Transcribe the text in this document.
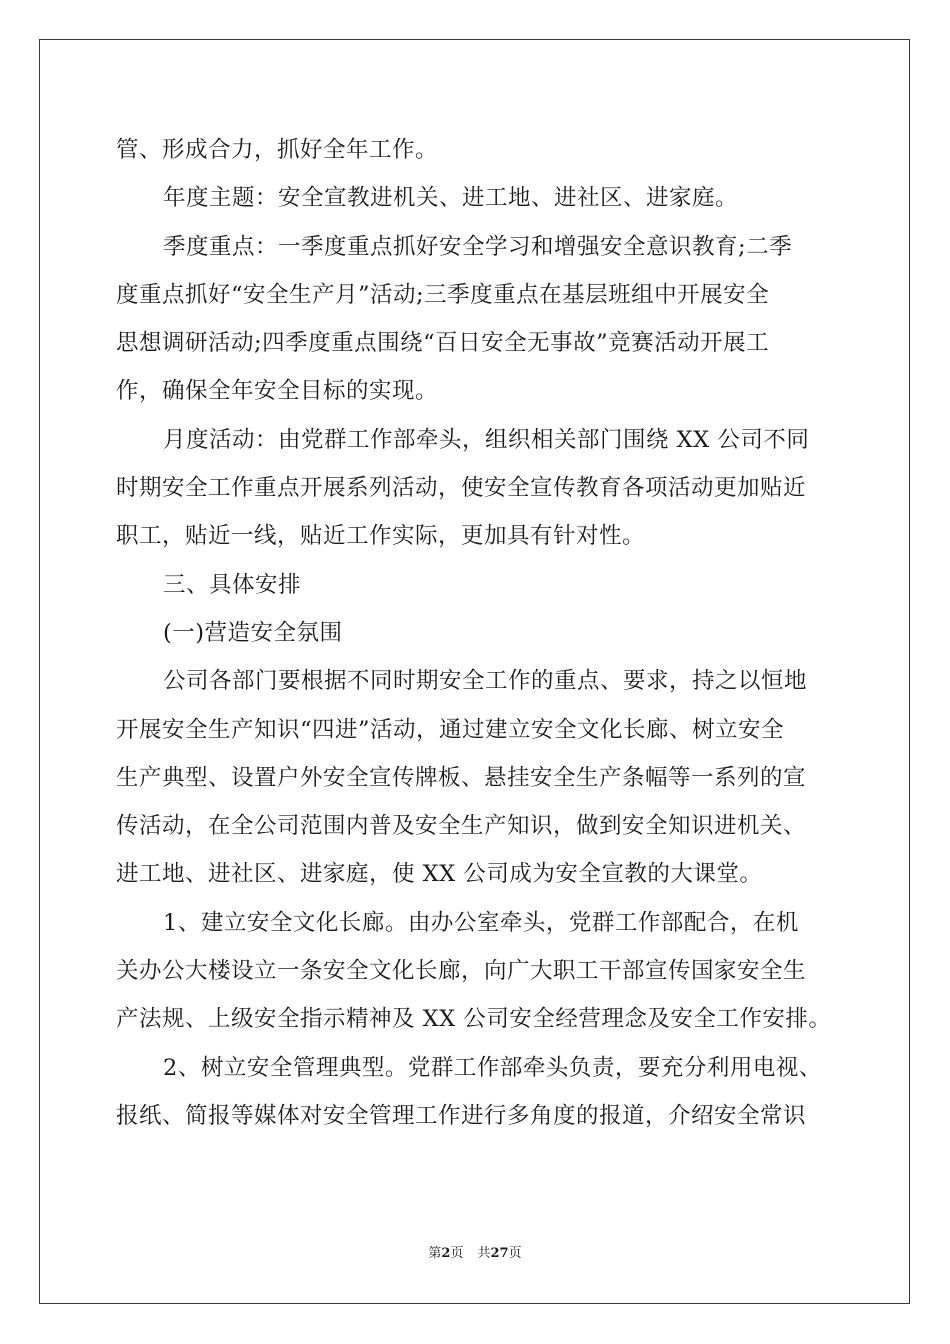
管、形成合力，抓好全年工作。
年度主题：安全宣教进机关、进工地、进社区、进家庭。
季度重点：一季度重点抓好安全学习和增强安全意识教育;二季
度重点抓好“安全生产月”活动;三季度重点在基层班组中开展安全
思想调研活动;四季度重点围绕“百日安全无事故”竞赛活动开展工
作，确保全年安全目标的实现。
月度活动：由党群工作部牵头，组织相关部门围绕 XX 公司不同
时期安全工作重点开展系列活动，使安全宣传教育各项活动更加贴近
职工，贴近一线，贴近工作实际，更加具有针对性。
三、具体安排
(一)营造安全氛围
公司各部门要根据不同时期安全工作的重点、要求，持之以恒地
开展安全生产知识“四进”活动，通过建立安全文化长廊、树立安全
生产典型、设置户外安全宣传牌板、悬挂安全生产条幅等一系列的宣
传活动，在全公司范围内普及安全生产知识，做到安全知识进机关、
进工地、进社区、进家庭，使 XX 公司成为安全宣教的大课堂。
1、建立安全文化长廊。由办公室牵头，党群工作部配合，在机
关办公大楼设立一条安全文化长廊，向广大职工干部宣传国家安全生
产法规、上级安全指示精神及 XX 公司安全经营理念及安全工作安排。
2、树立安全管理典型。党群工作部牵头负责，要充分利用电视、
报纸、简报等媒体对安全管理工作进行多角度的报道，介绍安全常识
第2页 共27页
